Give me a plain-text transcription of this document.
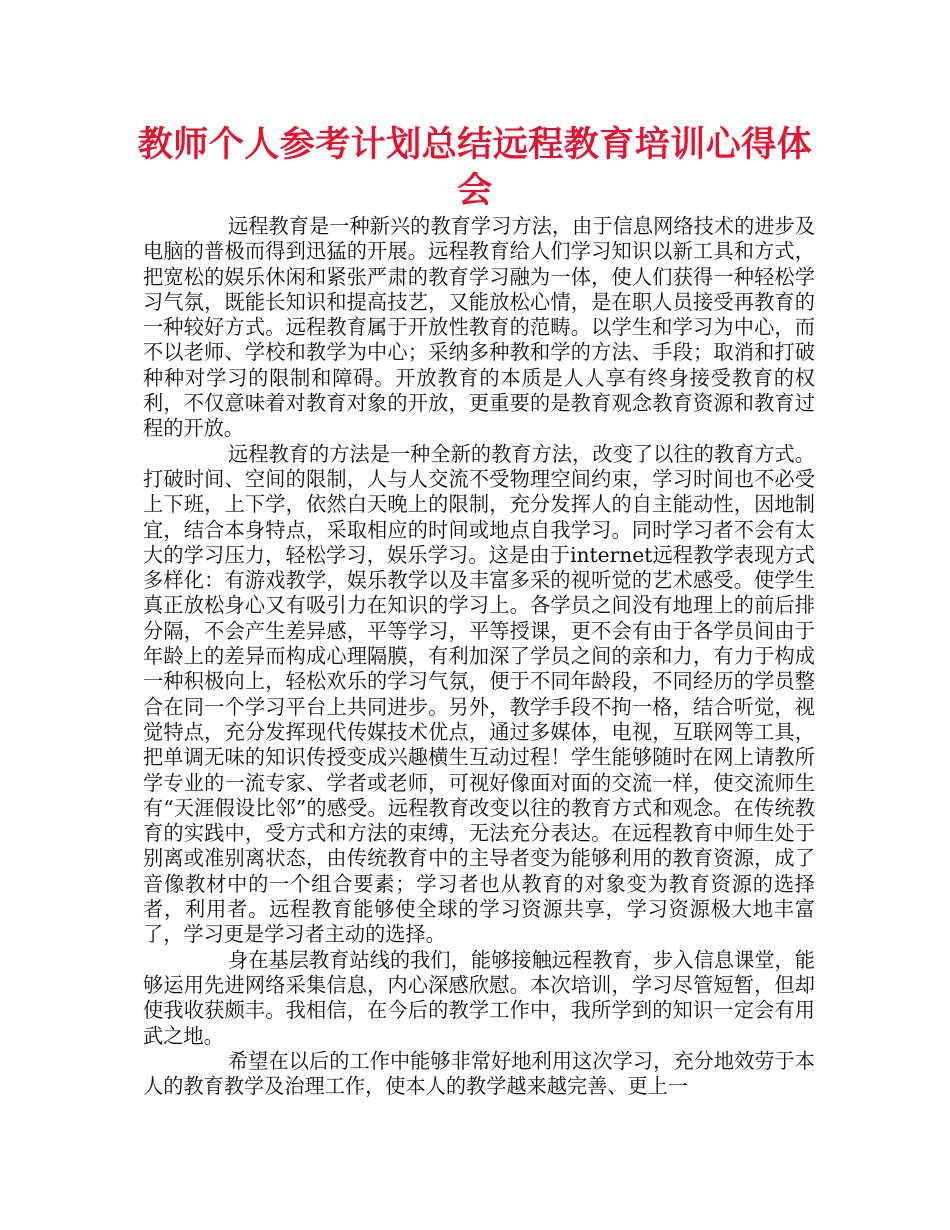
教师个人参考计划总结远程教育培训心得体会

远程教育是一种新兴的教育学习方法，由于信息网络技术的进步及电脑的普极而得到迅猛的开展。远程教育给人们学习知识以新工具和方式，把宽松的娱乐休闲和紧张严肃的教育学习融为一体，使人们获得一种轻松学习气氛，既能长知识和提高技艺，又能放松心情，是在职人员接受再教育的一种较好方式。远程教育属于开放性教育的范畴。以学生和学习为中心，而不以老师、学校和教学为中心；采纳多种教和学的方法、手段；取消和打破种种对学习的限制和障碍。开放教育的本质是人人享有终身接受教育的权利，不仅意味着对教育对象的开放，更重要的是教育观念教育资源和教育过程的开放。

远程教育的方法是一种全新的教育方法，改变了以往的教育方式。打破时间、空间的限制，人与人交流不受物理空间约束，学习时间也不必受上下班，上下学，依然白天晚上的限制，充分发挥人的自主能动性，因地制宜，结合本身特点，采取相应的时间或地点自我学习。同时学习者不会有太大的学习压力，轻松学习，娱乐学习。这是由于internet远程教学表现方式多样化：有游戏教学，娱乐教学以及丰富多采的视听觉的艺术感受。使学生真正放松身心又有吸引力在知识的学习上。各学员之间没有地理上的前后排分隔，不会产生差异感，平等学习，平等授课，更不会有由于各学员间由于年龄上的差异而构成心理隔膜，有利加深了学员之间的亲和力，有力于构成一种积极向上，轻松欢乐的学习气氛，便于不同年龄段，不同经历的学员整合在同一个学习平台上共同进步。另外，教学手段不拘一格，结合听觉，视觉特点，充分发挥现代传媒技术优点，通过多媒体，电视，互联网等工具，把单调无味的知识传授变成兴趣横生互动过程！学生能够随时在网上请教所学专业的一流专家、学者或老师，可视好像面对面的交流一样，使交流师生有“天涯假设比邻”的感受。远程教育改变以往的教育方式和观念。在传统教育的实践中，受方式和方法的束缚，无法充分表达。在远程教育中师生处于别离或准别离状态，由传统教育中的主导者变为能够利用的教育资源，成了音像教材中的一个组合要素；学习者也从教育的对象变为教育资源的选择者，利用者。远程教育能够使全球的学习资源共享，学习资源极大地丰富了，学习更是学习者主动的选择。

身在基层教育站线的我们，能够接触远程教育，步入信息课堂，能够运用先进网络采集信息，内心深感欣慰。本次培训，学习尽管短暂，但却使我收获颇丰。我相信，在今后的教学工作中，我所学到的知识一定会有用武之地。

希望在以后的工作中能够非常好地利用这次学习，充分地效劳于本人的教育教学及治理工作，使本人的教学越来越完善、更上一
